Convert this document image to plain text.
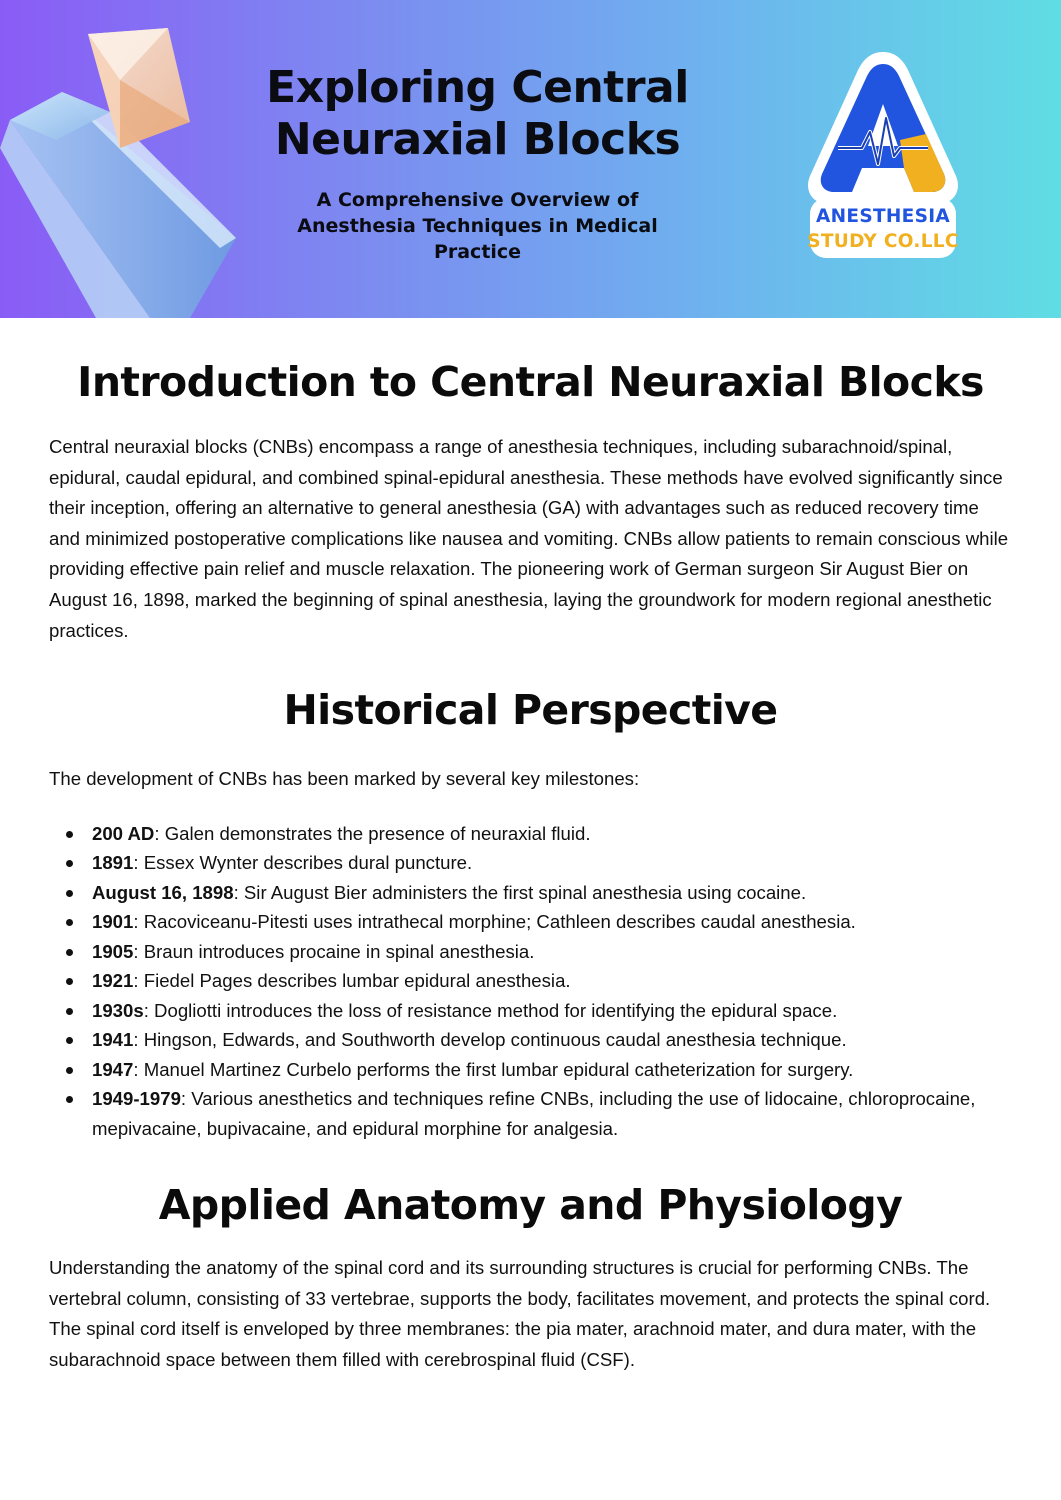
Exploring Central
Neuraxial Blocks
A Comprehensive Overview of
Anesthesia Techniques in Medical
Practice
ANESTHESIA
STUDY CO.LLC
Introduction to Central Neuraxial Blocks

Central neuraxial blocks (CNBs) encompass a range of anesthesia techniques, including subarachnoid/spinal, epidural, caudal epidural, and combined spinal-epidural anesthesia. These methods have evolved significantly since their inception, offering an alternative to general anesthesia (GA) with advantages such as reduced recovery time and minimized postoperative complications like nausea and vomiting. CNBs allow patients to remain conscious while providing effective pain relief and muscle relaxation. The pioneering work of German surgeon Sir August Bier on August 16, 1898, marked the beginning of spinal anesthesia, laying the groundwork for modern regional anesthetic practices.

Historical Perspective

The development of CNBs has been marked by several key milestones:

200 AD: Galen demonstrates the presence of neuraxial fluid.
1891: Essex Wynter describes dural puncture.
August 16, 1898: Sir August Bier administers the first spinal anesthesia using cocaine.
1901: Racoviceanu-Pitesti uses intrathecal morphine; Cathleen describes caudal anesthesia.
1905: Braun introduces procaine in spinal anesthesia.
1921: Fiedel Pages describes lumbar epidural anesthesia.
1930s: Dogliotti introduces the loss of resistance method for identifying the epidural space.
1941: Hingson, Edwards, and Southworth develop continuous caudal anesthesia technique.
1947: Manuel Martinez Curbelo performs the first lumbar epidural catheterization for surgery.
1949-1979: Various anesthetics and techniques refine CNBs, including the use of lidocaine, chloroprocaine, mepivacaine, bupivacaine, and epidural morphine for analgesia.
Applied Anatomy and Physiology

Understanding the anatomy of the spinal cord and its surrounding structures is crucial for performing CNBs. The vertebral column, consisting of 33 vertebrae, supports the body, facilitates movement, and protects the spinal cord. The spinal cord itself is enveloped by three membranes: the pia mater, arachnoid mater, and dura mater, with the subarachnoid space between them filled with cerebrospinal fluid (CSF).
